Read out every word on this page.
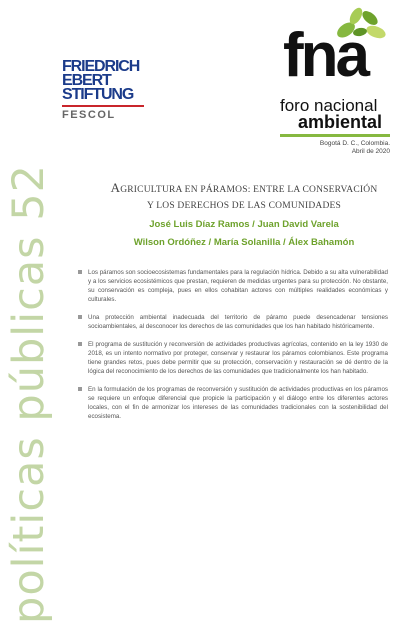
políticas públicas 52
FRIEDRICH
EBERT
STIFTUNG
FESCOL
fna
foro nacional
ambiental
Bogotá D. C., Colombia.
Abril de 2020
AGRICULTURA EN PÁRAMOS: ENTRE LA CONSERVACIÓN
Y LOS DERECHOS DE LAS COMUNIDADES
José Luis Díaz Ramos / Juan David Varela
Wilson Ordóñez / María Solanilla / Álex Bahamón
Los páramos son socioecosistemas fundamentales para la regulación hídrica. Debido a su alta vulnerabilidad y a los servicios ecosistémicos que prestan, requieren de medidas urgentes para su protección. No obstante, su conservación es compleja, pues en ellos cohabitan actores con múltiples realidades económicas y culturales.
Una protección ambiental inadecuada del territorio de páramo puede desencadenar tensiones socioambientales, al desconocer los derechos de las comunidades que los han habitado históricamente.
El programa de sustitución y reconversión de actividades productivas agrícolas, contenido en la ley 1930 de 2018, es un intento normativo por proteger, conservar y restaurar los páramos colombianos. Este programa tiene grandes retos, pues debe permitir que su protección, conservación y restauración se dé dentro de la lógica del reconocimiento de los derechos de las comunidades que tradicionalmente los han habitado.
En la formulación de los programas de reconversión y sustitución de actividades productivas en los páramos se requiere un enfoque diferencial que propicie la participación y el diálogo entre los diferentes actores locales, con el fin de armonizar los intereses de las comunidades tradicionales con la sostenibilidad del ecosistema.
